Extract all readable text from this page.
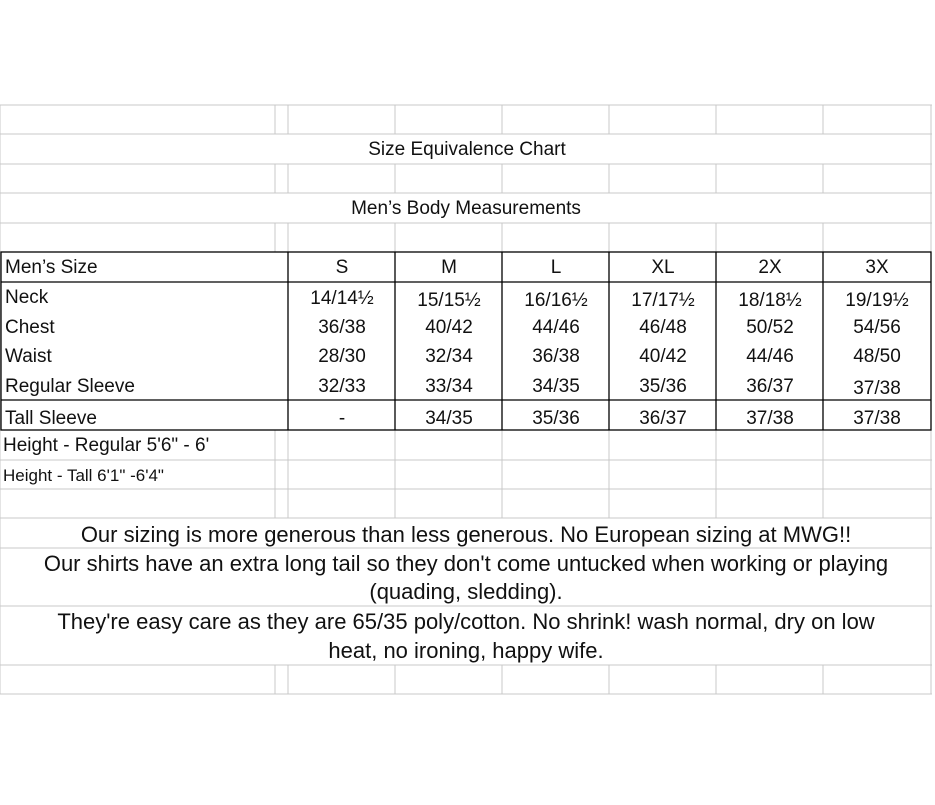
Size Equivalence Chart
Men’s Body Measurements
Men’s Size	S	M	L	XL	2X	3X
Neck	14/14½ 15/15½ 16/16½ 17/17½ 18/18½ 19/19½
Chest	36/38	40/42	44/46	46/48	50/52	54/56
Waist	28/30	32/34	36/38	40/42	44/46	48/50
Regular Sleeve	32/33	33/34	34/35	35/36	36/37	37/38
Tall Sleeve	-	34/35	35/36	36/37	37/38	37/38
Height - Regular 5'6" - 6'
Height - Tall 6'1" -6'4"
Our sizing is more generous than less generous. No European sizing at MWG!!
Our shirts have an extra long tail so they don't come untucked when working or playing
(quading, sledding).
They're easy care as they are 65/35 poly/cotton. No shrink! wash normal, dry on low
heat, no ironing, happy wife.
